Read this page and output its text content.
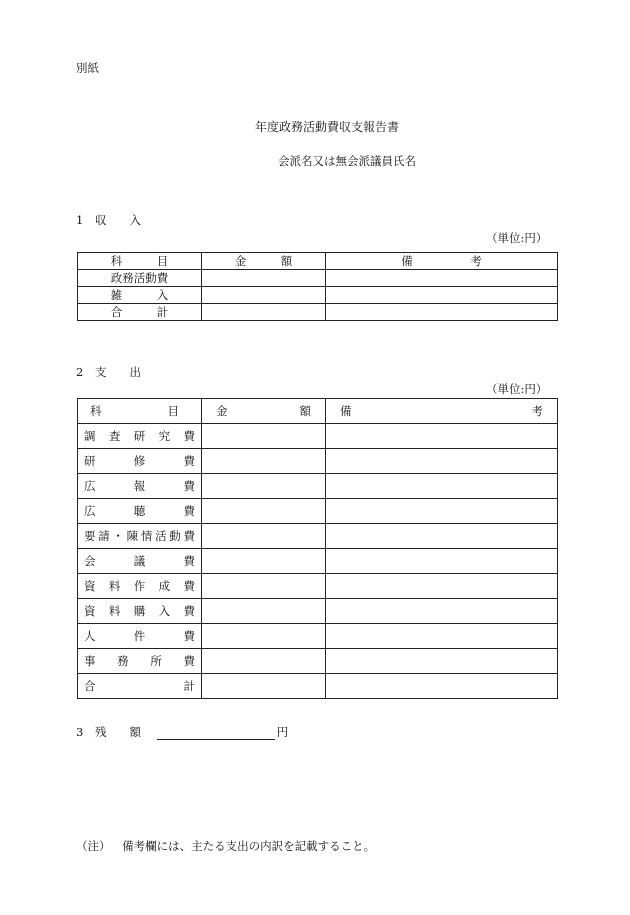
別紙
年度政務活動費収支報告書
会派名又は無会派議員氏名
1 収　　入
（単位:円）
科　　　目	金　　　額	備　　　　　考
政務活動費		
雑　　　入		
合　　　計		
2 支　　出
（単位:円）
科目	金額	備考
調査研究費		
研修費		
広報費		
広聴費		
要請・陳情活動費		
会議費		
資料作成費		
資料購入費		
人件費		
事務所費		
合計		
3 残　　額	円
（注） 備考欄には、主たる支出の内訳を記載すること。
